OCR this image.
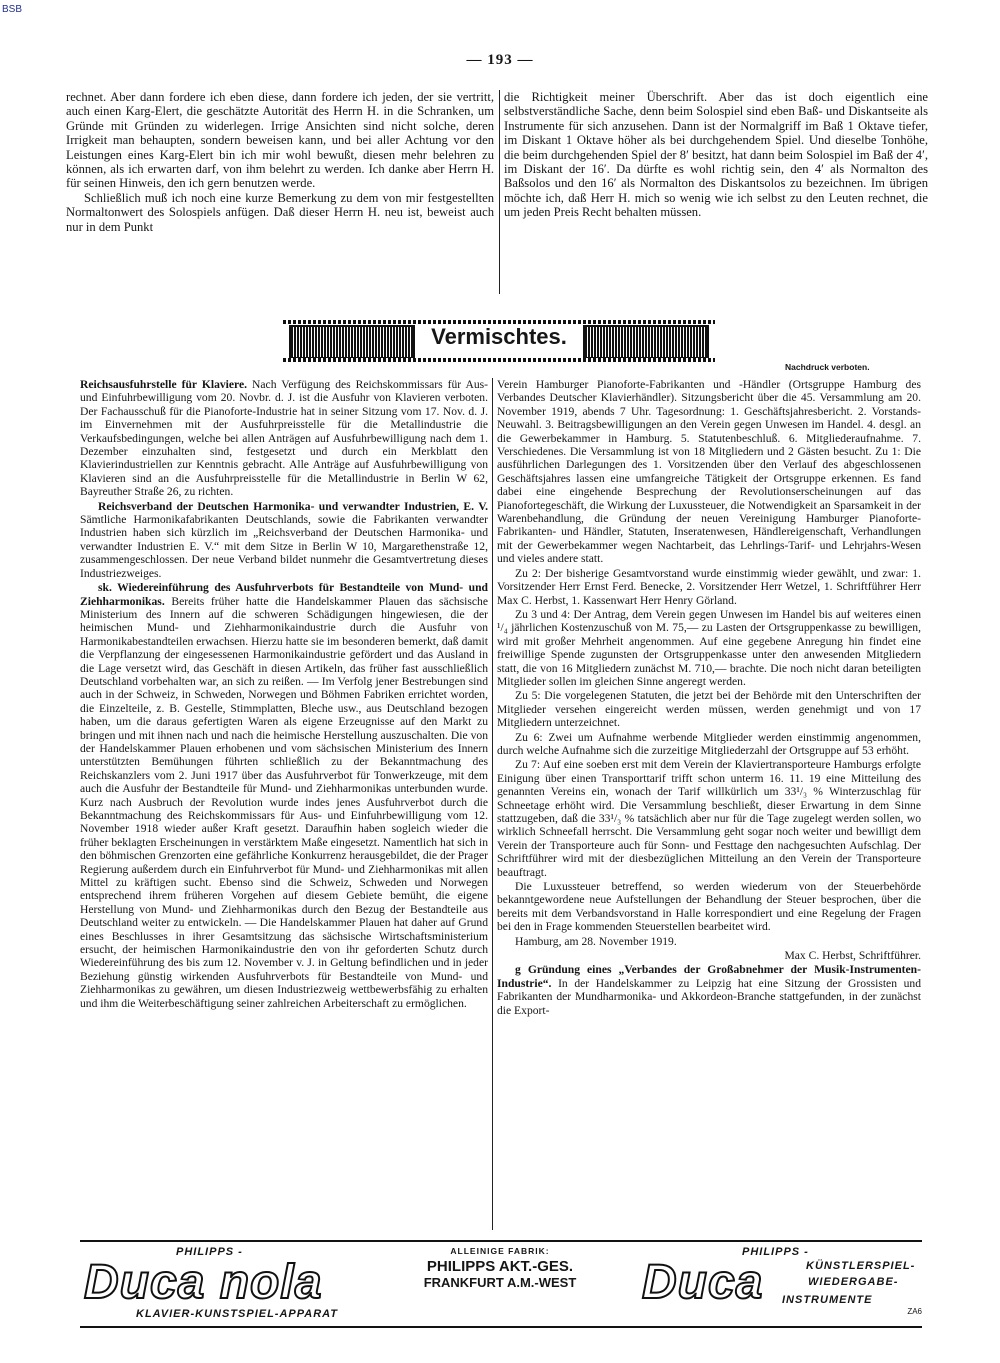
BSB
— 193 —

rechnet. Aber dann fordere ich eben diese, dann fordere ich jeden, der sie vertritt, auch einen Karg-Elert, die geschätzte Autorität des Herrn H. in die Schranken, um Gründe mit Gründen zu widerlegen. Irrige Ansichten sind nicht solche, deren Irrigkeit man behaupten, sondern beweisen kann, und bei aller Achtung vor den Leistungen eines Karg-Elert bin ich mir wohl bewußt, diesen mehr belehren zu können, als ich erwarten darf, von ihm belehrt zu werden. Ich danke aber Herrn H. für seinen Hinweis, den ich gern benutzen werde.

Schließlich muß ich noch eine kurze Bemerkung zu dem von mir festgestellten Normaltonwert des Solospiels anfügen. Daß dieser Herrn H. neu ist, beweist auch nur in dem Punkt

die Richtigkeit meiner Überschrift. Aber das ist doch eigentlich eine selbstverständliche Sache, denn beim Solospiel sind eben Baß- und Diskantseite als Instrumente für sich anzusehen. Dann ist der Normalgriff im Baß 1 Oktave tiefer, im Diskant 1 Oktave höher als bei durchgehendem Spiel. Und dieselbe Tonhöhe, die beim durchgehenden Spiel der 8′ besitzt, hat dann beim Solospiel im Baß der 4′, im Diskant der 16′. Da dürfte es wohl richtig sein, den 4′ als Normalton des Baßsolos und den 16′ als Normalton des Diskantsolos zu bezeichnen. Im übrigen möchte ich, daß Herr H. mich so wenig wie ich selbst zu den Leuten rechnet, die um jeden Preis Recht behalten müssen.

Vermischtes.
Nachdruck verboten.

Reichsausfuhrstelle für Klaviere. Nach Verfügung des Reichskommissars für Aus- und Einfuhrbewilligung vom 20. Novbr. d. J. ist die Ausfuhr von Klavieren verboten. Der Fachausschuß für die Pianoforte-Industrie hat in seiner Sitzung vom 17. Nov. d. J. im Einvernehmen mit der Ausfuhrpreisstelle für die Metallindustrie die Verkaufsbedingungen, welche bei allen Anträgen auf Ausfuhrbewilligung nach dem 1. Dezember einzuhalten sind, festgesetzt und durch ein Merkblatt den Klavierindustriellen zur Kenntnis gebracht. Alle Anträge auf Ausfuhrbewilligung von Klavieren sind an die Ausfuhrpreisstelle für die Metallindustrie in Berlin W 62, Bayreuther Straße 26, zu richten.

Reichsverband der Deutschen Harmonika- und verwandter Industrien, E. V. Sämtliche Harmonikafabrikanten Deutschlands, sowie die Fabrikanten verwandter Industrien haben sich kürzlich im „Reichsverband der Deutschen Harmonika- und verwandter Industrien E. V.“ mit dem Sitze in Berlin W 10, Margarethenstraße 12, zusammengeschlossen. Der neue Verband bildet nunmehr die Gesamtvertretung dieses Industriezweiges.

sk. Wiedereinführung des Ausfuhrverbots für Bestandteile von Mund- und Ziehharmonikas. Bereits früher hatte die Handelskammer Plauen das sächsische Ministerium des Innern auf die schweren Schädigungen hingewiesen, die der heimischen Mund- und Ziehharmonikaindustrie durch die Ausfuhr von Harmonikabestandteilen erwachsen. Hierzu hatte sie im besonderen bemerkt, daß damit die Verpflanzung der eingesessenen Harmonikaindustrie gefördert und das Ausland in die Lage versetzt wird, das Geschäft in diesen Artikeln, das früher fast ausschließlich Deutschland vorbehalten war, an sich zu reißen. — Im Verfolg jener Bestrebungen sind auch in der Schweiz, in Schweden, Norwegen und Böhmen Fabriken errichtet worden, die Einzelteile, z. B. Gestelle, Stimmplatten, Bleche usw., aus Deutschland bezogen haben, um die daraus gefertigten Waren als eigene Erzeugnisse auf den Markt zu bringen und mit ihnen nach und nach die heimische Herstellung auszuschalten. Die von der Handelskammer Plauen erhobenen und vom sächsischen Ministerium des Innern unterstützten Bemühungen führten schließlich zu der Bekanntmachung des Reichskanzlers vom 2. Juni 1917 über das Ausfuhrverbot für Tonwerkzeuge, mit dem auch die Ausfuhr der Bestandteile für Mund- und Ziehharmonikas unterbunden wurde. Kurz nach Ausbruch der Revolution wurde indes jenes Ausfuhrverbot durch die Bekanntmachung des Reichskommissars für Aus- und Einfuhrbewilligung vom 12. November 1918 wieder außer Kraft gesetzt. Daraufhin haben sogleich wieder die früher beklagten Erscheinungen in verstärktem Maße eingesetzt. Namentlich hat sich in den böhmischen Grenzorten eine gefährliche Konkurrenz herausgebildet, die der Prager Regierung außerdem durch ein Einfuhrverbot für Mund- und Ziehharmonikas mit allen Mittel zu kräftigen sucht. Ebenso sind die Schweiz, Schweden und Norwegen entsprechend ihrem früheren Vorgehen auf diesem Gebiete bemüht, die eigene Herstellung von Mund- und Ziehharmonikas durch den Bezug der Bestandteile aus Deutschland weiter zu entwickeln. — Die Handelskammer Plauen hat daher auf Grund eines Beschlusses in ihrer Gesamtsitzung das sächsische Wirtschaftsministerium ersucht, der heimischen Harmonikaindustrie den von ihr geforderten Schutz durch Wiedereinführung des bis zum 12. November v. J. in Geltung befindlichen und in jeder Beziehung günstig wirkenden Ausfuhrverbots für Bestandteile von Mund- und Ziehharmonikas zu gewähren, um diesen Industriezweig wettbewerbsfähig zu erhalten und ihm die Weiterbeschäftigung seiner zahlreichen Arbeiterschaft zu ermöglichen.

Verein Hamburger Pianoforte-Fabrikanten und -Händler (Ortsgruppe Hamburg des Verbandes Deutscher Klavierhändler). Sitzungsbericht über die 45. Versammlung am 20. November 1919, abends 7 Uhr. Tagesordnung: 1. Geschäftsjahresbericht. 2. Vorstands-Neuwahl. 3. Beitragsbewilligungen an den Verein gegen Unwesen im Handel. 4. desgl. an die Gewerbekammer in Hamburg. 5. Statutenbeschluß. 6. Mitgliederaufnahme. 7. Verschiedenes. Die Versammlung ist von 18 Mitgliedern und 2 Gästen besucht. Zu 1: Die ausführlichen Darlegungen des 1. Vorsitzenden über den Verlauf des abgeschlossenen Geschäftsjahres lassen eine umfangreiche Tätigkeit der Ortsgruppe erkennen. Es fand dabei eine eingehende Besprechung der Revolutionserscheinungen auf das Pianofortegeschäft, die Wirkung der Luxussteuer, die Notwendigkeit an Sparsamkeit in der Warenbehandlung, die Gründung der neuen Vereinigung Hamburger Pianoforte-Fabrikanten- und Händler, Statuten, Inseratenwesen, Händlereigenschaft, Verhandlungen mit der Gewerbekammer wegen Nachtarbeit, das Lehrlings-Tarif- und Lehrjahrs-Wesen und vieles andere statt.

Zu 2: Der bisherige Gesamtvorstand wurde einstimmig wieder gewählt, und zwar: 1. Vorsitzender Herr Ernst Ferd. Benecke, 2. Vorsitzender Herr Wetzel, 1. Schriftführer Herr Max C. Herbst, 1. Kassenwart Herr Henry Görland.

Zu 3 und 4: Der Antrag, dem Verein gegen Unwesen im Handel bis auf weiteres einen ¹/₄ jährlichen Kostenzuschuß von M. 75,— zu Lasten der Ortsgruppenkasse zu bewilligen, wird mit großer Mehrheit angenommen. Auf eine gegebene Anregung hin findet eine freiwillige Spende zugunsten der Ortsgruppenkasse unter den anwesenden Mitgliedern statt, die von 16 Mitgliedern zunächst M. 710,— brachte. Die noch nicht daran beteiligten Mitglieder sollen im gleichen Sinne angeregt werden.

Zu 5: Die vorgelegenen Statuten, die jetzt bei der Behörde mit den Unterschriften der Mitglieder versehen eingereicht werden müssen, werden genehmigt und von 17 Mitgliedern unterzeichnet.

Zu 6: Zwei um Aufnahme werbende Mitglieder werden einstimmig angenommen, durch welche Aufnahme sich die zurzeitige Mitgliederzahl der Ortsgruppe auf 53 erhöht.

Zu 7: Auf eine soeben erst mit dem Verein der Klaviertransporteure Hamburgs erfolgte Einigung über einen Transporttarif trifft schon unterm 16. 11. 19 eine Mitteilung des genannten Vereins ein, wonach der Tarif willkürlich um 33¹/₃ % Winterzuschlag für Schneetage erhöht wird. Die Versammlung beschließt, dieser Erwartung in dem Sinne stattzugeben, daß die 33¹/₃ % tatsächlich aber nur für die Tage zugelegt werden sollen, wo wirklich Schneefall herrscht. Die Versammlung geht sogar noch weiter und bewilligt dem Verein der Transporteure auch für Sonn- und Festtage den nachgesuchten Aufschlag. Der Schriftführer wird mit der diesbezüglichen Mitteilung an den Verein der Transporteure beauftragt.

Die Luxussteuer betreffend, so werden wiederum von der Steuerbehörde bekanntgewordene neue Aufstellungen der Behandlung der Steuer besprochen, über die bereits mit dem Verbandsvorstand in Halle korrespondiert und eine Regelung der Fragen bei den in Frage kommenden Steuerstellen bearbeitet wird.

Hamburg, am 28. November 1919.

Max C. Herbst, Schriftführer.

g Gründung eines „Verbandes der Großabnehmer der Musik-Instrumenten-Industrie“. In der Handelskammer zu Leipzig hat eine Sitzung der Grossisten und Fabrikanten der Mundharmonika- und Akkordeon-Branche stattgefunden, in der zunächst die Export-

PHILIPPS -
Duca nola
KLAVIER-KUNSTSPIEL-APPARAT
ALLEINIGE FABRIK:
PHILIPPS AKT.-GES.
FRANKFURT A.M.-WEST
PHILIPPS -
Duca	KÜNSTLERSPIEL-
WIEDERGABE-
INSTRUMENTE
ZA6
